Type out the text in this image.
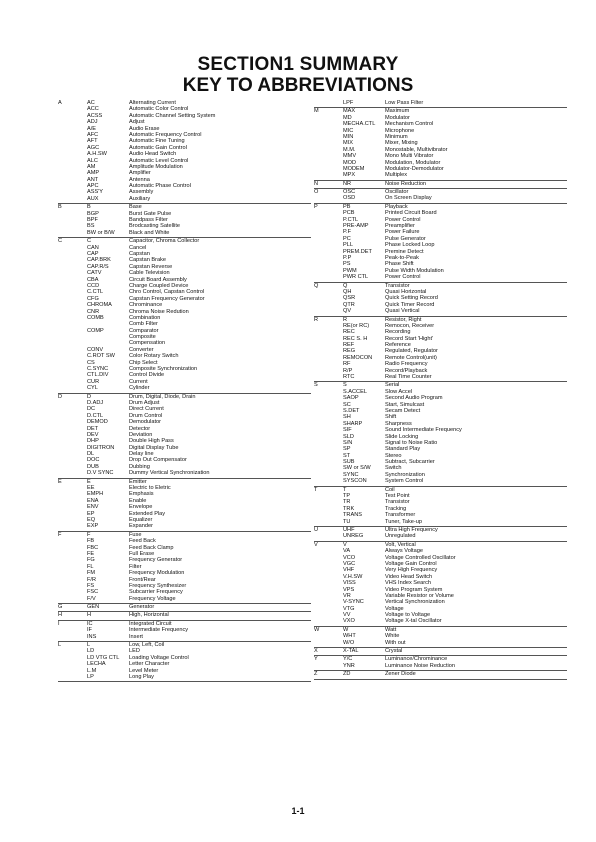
SECTION1 SUMMARY
KEY TO ABBREVIATIONS
A	AC	Alternating Current
ACC	Automatic Color Control
ACSS	Automatic Channel Setting System
ADJ	Adjust
A/E	Audio Erase
AFC	Automatic Frequency Control
AFT	Automatic Fine Tuning
AGC	Automatic Gain Control
A.H.SW	Audio Head Switch
ALC	Automatic Level Control
AM	Amplitude Modulation
AMP	Amplifier
ANT	Antenna
APC	Automatic Phase Control
ASS'Y	Assembly
AUX	Auxiliary
B	B	Base
BGP	Burst Gate Pulse
BPF	Bandpass Filter
BS	Brodcasting Satellite
BW or B/W	Black and White
C	C	Capacitor, Chroma Collector
CAN	Cancel
CAP	Capstan
CAP.BRK	Capstan Brake
CAP.R/S	Capstan Reverse
CATV	Cable Television
CBA	Circuit Board Assembly
CCD	Charge Coupled Device
C.CTL	Chro Control, Capstan Control
CFG	Capstan Frequency Generator
CHROMA	Chrominance
CNR	Chroma Noise Redution
COMB	Combination
Comb Filter
COMP	Comparator
Composite
Compensation
CONV	Converter
C.ROT SW	Color Rotary Switch
CS	Chip Select
C.SYNC	Composite Synchronization
CTL.DIV	Control Divide
CUR	Current
CYL	Cylinder
D	D	Drum, Digital, Diode, Drain
D.ADJ	Drum Adjust
DC	Direct Current
D.CTL	Drum Control
DEMOD	Demodulator
DET	Detector
DEV	Deviation
DHP	Double High Pass
DIGITRON	Digital Display Tube
DL	Delay line
DOC	Drop Out Compensator
DUB	Dubbing
D.V SYNC	Dummy Vertical Synchronization
E	E	Emitter
EE	Electric to Eletric
EMPH	Emphasis
ENA	Enable
ENV	Envelope
EP	Extended Play
EQ	Equalizer
EXP	Expander
F	F	Fuse
FB	Feed Back
FBC	Feed Back Clamp
FE	Full Erase
FG	Frequency Generator
FL	Filter
FM	Frequency Modulation
F/R	Front/Rear
FS	Frequency Synthesizer
FSC	Subcarrier Frequency
F/V	Frequency Voltage
G	GEN	Generator
H	H	High, Horizontal
I	IC	Integrated Circuit
IF	Intermediate Frequency
INS	Insert
L	L	Low, Left, Coil
LD	LED
LD VTG CTL	Loading Voltage Control
LECHA	Letter Character
L.M	Level Meter
LP	Long Play
LPF	Low Pass Filter
M	MAX	Maximum
MD	Modulator
MECHA.CTL	Mechanism Control
MIC	Microphone
MIN	Minimum
MIX	Mixer, Mixing
M.M.	Monostable, Multivibrator
MMV	Mono Multi Vibrator
MOD	Modulation, Modulator
MODEM	Modulator-Demodulator
MPX	Multiplex
N	NR	Noise Reduction
O	OSC	Oscillator
OSD	On Screen Display
P	PB	Playback
PCB	Printed Circuit Board
P.CTL	Power Control
PRE-AMP	Preamplifier
P.F	Power Failure
PC	Pulse Generator
PLL	Phase Locked Loop
PREM.DET	Premine Detect
P.P	Peak-to-Peak
PS	Phase Shift
PWM	Pulse Width Modulation
PWR CTL	Power Control
Q	Q	Transistor
QH	Quasi Horizontal
QSR	Quick Setting Record
QTR	Quick Timer Record
QV	Quasi Vertical
R	R	Resistor, Right
RE(or RC)	Remocon, Receiver
REC	Recording
REC S. H	Record Start 'Hight'
REF	Reference
REG	Regulated, Regulator
REMOCON	Remote Control(unit)
RF	Radio Frequency
R/P	Record/Playback
RTC	Real Time Counter
S	S	Serial
S.ACCEL	Slow Accel
SAOP	Second Audio Program
SC	Start, Simulcast
S.DET	Secam Detect
SH	Shift
SHARP	Sharpness
SIF	Sound Intermediate Frequency
SLD	Slide Locking
S/N	Signal to Noise Ratio
SP	Standard Play
ST	Stereo
SUB	Subtract, Subcarrier
SW or S/W	Switch
SYNC	Synchronization
SYSCON	System Control
T	T	Coil
TP	Test Point
TR	Transistor
TRK	Tracking
TRANS	Transformer
TU	Tuner, Take-up
U	UHF	Ultra High Frequency
UNREG	Unregulated
V	V	Volt, Vertical
VA	Always Voltage
VCO	Voltage Controlled Oscillator
VGC	Voltage Gain Control
VHF	Very High Frequency
V.H.SW	Video Head Switch
VISS	VHS Index Search
VPS	Video Program System
VR	Variable Resistor or Volume
V-SYNC	Vertical Synchronization
VTG	Voltage
VV	Voltage to Voltage
VXO	Voltage X-tal Oscillator
W	W	Watt
WHT	White
W/O	With out
X	X-TAL	Crystal
Y	Y/C	Luminance/Chrominance
YNR	Luminance Noise Reduction
Z	ZD	Zener Diode
1-1
